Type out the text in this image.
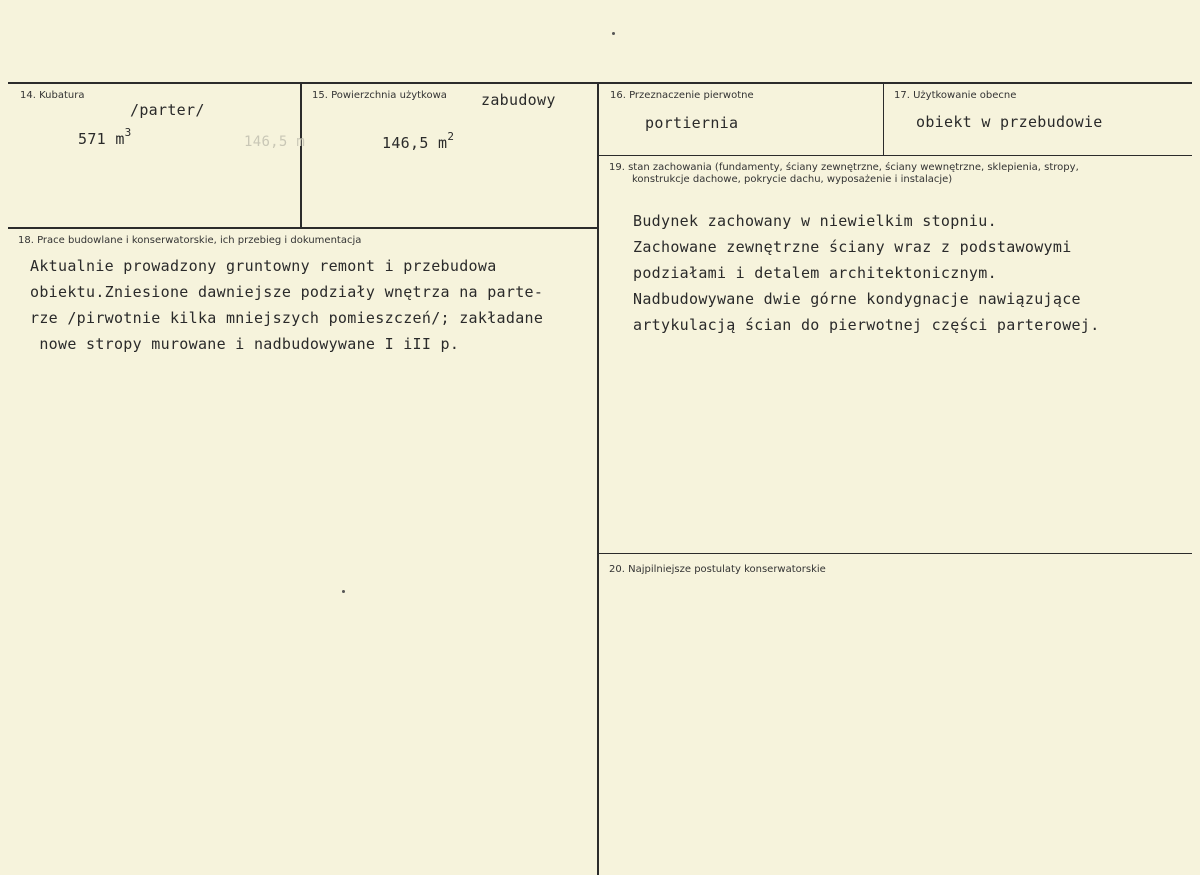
14. Kubatura
/parter/
571 $m^3$
146,5 m
15. Powierzchnia użytkowa zabudowy
146,5 $m^2$
16. Przeznaczenie pierwotne
portiernia
17. Użytkowanie obecne
obiekt w przebudowie
18. Prace budowlane i konserwatorskie, ich przebieg i dokumentacja
Aktualnie prowadzony gruntowny remont i przebudowa
obiektu.Zniesione dawniejsze podziały wnętrza na parte-
rze /pirwotnie kilka mniejszych pomieszczeń/; zakładane
nowe stropy murowane i nadbudowywane I iII p.
19. stan zachowania (fundamenty, ściany zewnętrzne, ściany wewnętrzne, sklepienia, stropy,
konstrukcje dachowe, pokrycie dachu, wyposażenie i instalacje)
Budynek zachowany w niewielkim stopniu.
Zachowane zewnętrzne ściany wraz z podstawowymi
podziałami i detalem architektonicznym.
Nadbudowywane dwie górne kondygnacje nawiązujące
artykulacją ścian do pierwotnej części parterowej.
20. Najpilniejsze postulaty konserwatorskie
